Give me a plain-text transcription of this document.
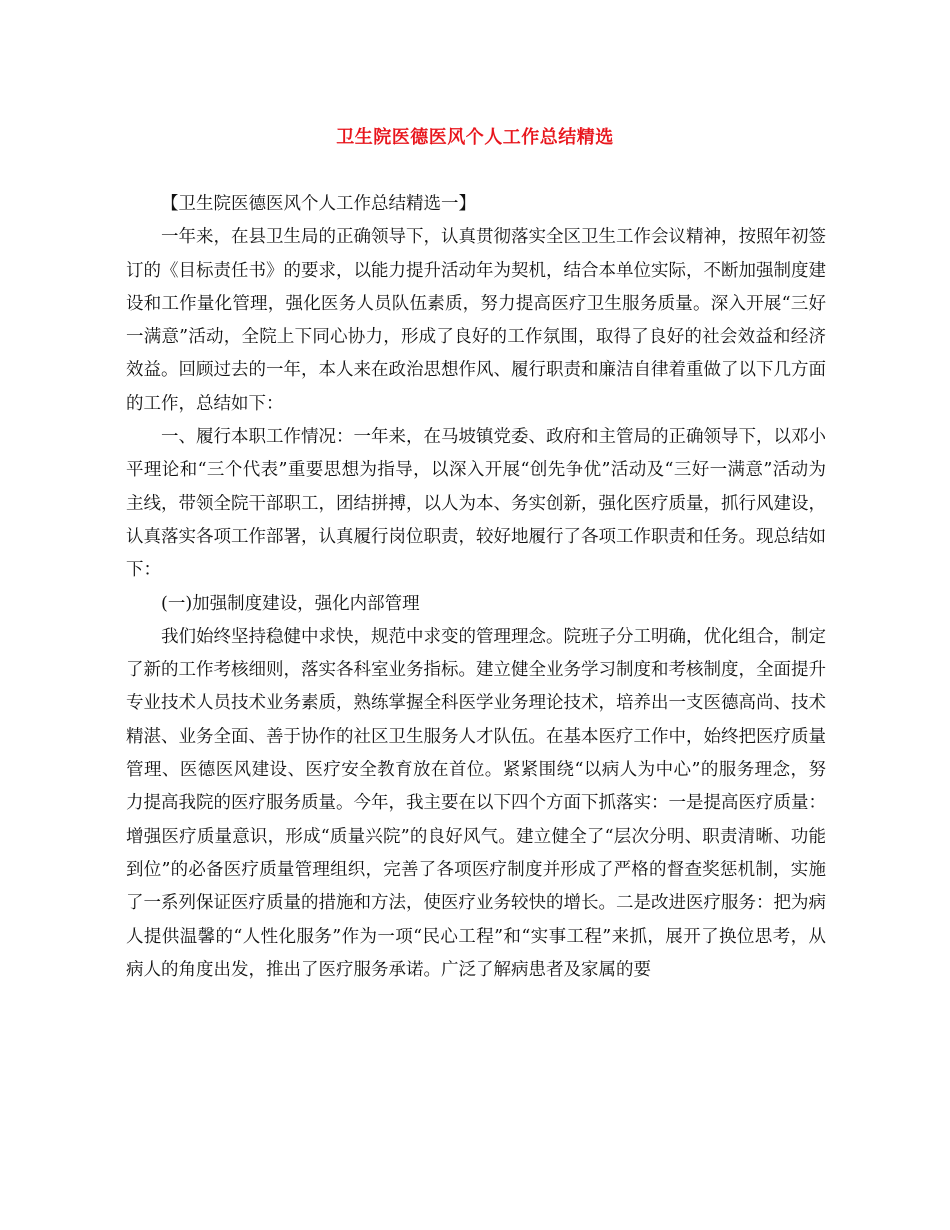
卫生院医德医风个人工作总结精选

【卫生院医德医风个人工作总结精选一】

一年来，在县卫生局的正确领导下，认真贯彻落实全区卫生工作会议精神，按照年初签订的《目标责任书》的要求，以能力提升活动年为契机，结合本单位实际，不断加强制度建设和工作量化管理，强化医务人员队伍素质，努力提高医疗卫生服务质量。深入开展“三好一满意”活动，全院上下同心协力，形成了良好的工作氛围，取得了良好的社会效益和经济效益。回顾过去的一年，本人来在政治思想作风、履行职责和廉洁自律着重做了以下几方面的工作，总结如下：

一、履行本职工作情况：一年来，在马坡镇党委、政府和主管局的正确领导下，以邓小平理论和“三个代表”重要思想为指导，以深入开展“创先争优”活动及“三好一满意”活动为主线，带领全院干部职工，团结拼搏，以人为本、务实创新，强化医疗质量，抓行风建设，认真落实各项工作部署，认真履行岗位职责，较好地履行了各项工作职责和任务。现总结如下：

(一)加强制度建设，强化内部管理

我们始终坚持稳健中求快，规范中求变的管理理念。院班子分工明确，优化组合，制定了新的工作考核细则，落实各科室业务指标。建立健全业务学习制度和考核制度，全面提升专业技术人员技术业务素质，熟练掌握全科医学业务理论技术，培养出一支医德高尚、技术精湛、业务全面、善于协作的社区卫生服务人才队伍。在基本医疗工作中，始终把医疗质量管理、医德医风建设、医疗安全教育放在首位。紧紧围绕“以病人为中心”的服务理念，努力提高我院的医疗服务质量。今年，我主要在以下四个方面下抓落实：一是提高医疗质量：增强医疗质量意识，形成“质量兴院”的良好风气。建立健全了“层次分明、职责清晰、功能到位”的必备医疗质量管理组织，完善了各项医疗制度并形成了严格的督查奖惩机制，实施了一系列保证医疗质量的措施和方法，使医疗业务较快的增长。二是改进医疗服务：把为病人提供温馨的“人性化服务”作为一项“民心工程”和“实事工程”来抓，展开了换位思考，从病人的角度出发，推出了医疗服务承诺。广泛了解病患者及家属的要
